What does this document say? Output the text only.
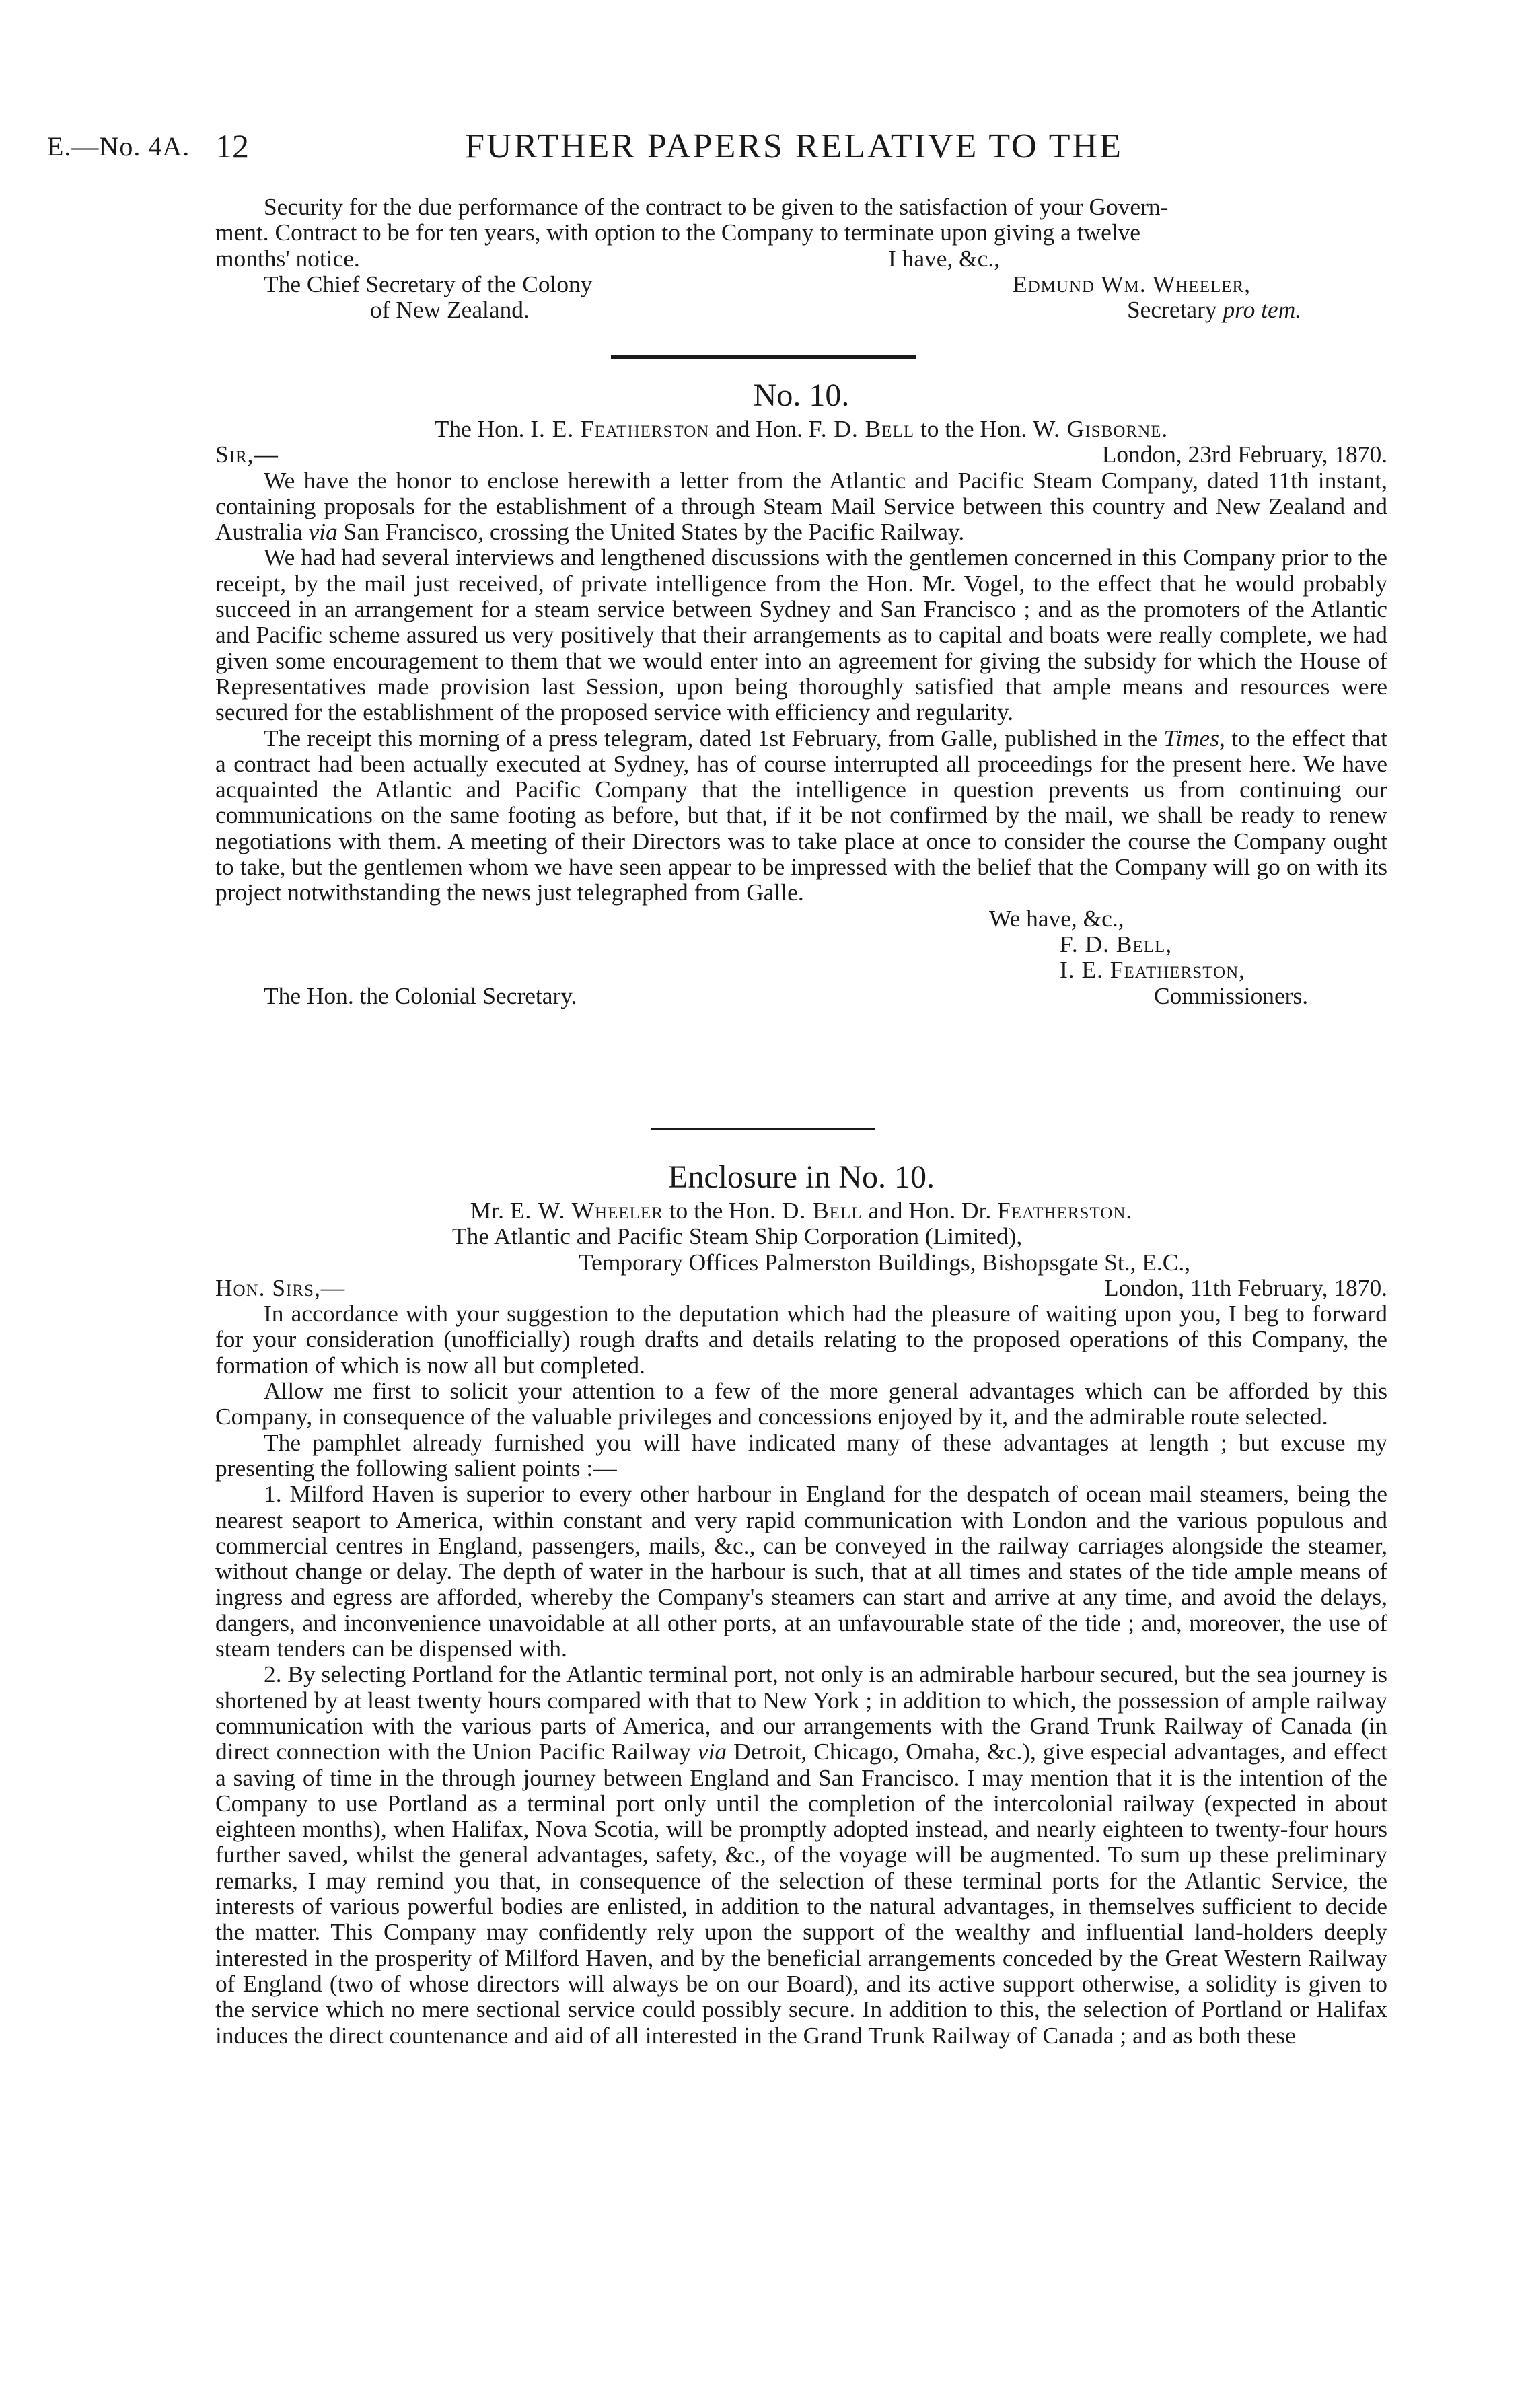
E.—No. 4A. 12	FURTHER PAPERS RELATIVE TO THE
Security for the due performance of the contract to be given to the satisfaction of your Govern-
ment. Contract to be for ten years, with option to the Company to terminate upon giving a twelve
months' notice.	I have, &c.,
The Chief Secretary of the Colony	Edmund Wm. Wheeler,
of New Zealand.	Secretary pro tem.

No. 10.

The Hon. I. E. Featherston and Hon. F. D. Bell to the Hon. W. Gisborne.
Sir,—	London, 23rd February, 1870.

We have the honor to enclose herewith a letter from the Atlantic and Pacific Steam Company, dated 11th instant, containing proposals for the establishment of a through Steam Mail Service between this country and New Zealand and Australia via San Francisco, crossing the United States by the Pacific Railway.

We had had several interviews and lengthened discussions with the gentlemen concerned in this Company prior to the receipt, by the mail just received, of private intelligence from the Hon. Mr. Vogel, to the effect that he would probably succeed in an arrangement for a steam service between Sydney and San Francisco ; and as the promoters of the Atlantic and Pacific scheme assured us very positively that their arrangements as to capital and boats were really complete, we had given some encouragement to them that we would enter into an agreement for giving the subsidy for which the House of Representatives made provision last Session, upon being thoroughly satisfied that ample means and resources were secured for the establishment of the proposed service with efficiency and regularity.

The receipt this morning of a press telegram, dated 1st February, from Galle, published in the Times, to the effect that a contract had been actually executed at Sydney, has of course interrupted all proceedings for the present here. We have acquainted the Atlantic and Pacific Company that the intelligence in question prevents us from continuing our communications on the same footing as before, but that, if it be not confirmed by the mail, we shall be ready to renew negotiations with them. A meeting of their Directors was to take place at once to consider the course the Company ought to take, but the gentlemen whom we have seen appear to be impressed with the belief that the Company will go on with its project notwithstanding the news just telegraphed from Galle.

We have, &c.,
F. D. Bell,
I. E. Featherston,
The Hon. the Colonial Secretary.	Commissioners.

Enclosure in No. 10.

Mr. E. W. Wheeler to the Hon. D. Bell and Hon. Dr. Featherston.
The Atlantic and Pacific Steam Ship Corporation (Limited),
Temporary Offices Palmerston Buildings, Bishopsgate St., E.C.,
Hon. Sirs,—	London, 11th February, 1870.

In accordance with your suggestion to the deputation which had the pleasure of waiting upon you, I beg to forward for your consideration (unofficially) rough drafts and details relating to the proposed operations of this Company, the formation of which is now all but completed.

Allow me first to solicit your attention to a few of the more general advantages which can be afforded by this Company, in consequence of the valuable privileges and concessions enjoyed by it, and the admirable route selected.

The pamphlet already furnished you will have indicated many of these advantages at length ; but excuse my presenting the following salient points :—

1. Milford Haven is superior to every other harbour in England for the despatch of ocean mail steamers, being the nearest seaport to America, within constant and very rapid communication with London and the various populous and commercial centres in England, passengers, mails, &c., can be conveyed in the railway carriages alongside the steamer, without change or delay. The depth of water in the harbour is such, that at all times and states of the tide ample means of ingress and egress are afforded, whereby the Company's steamers can start and arrive at any time, and avoid the delays, dangers, and inconvenience unavoidable at all other ports, at an unfavourable state of the tide ; and, moreover, the use of steam tenders can be dispensed with.

2. By selecting Portland for the Atlantic terminal port, not only is an admirable harbour secured, but the sea journey is shortened by at least twenty hours compared with that to New York ; in addition to which, the possession of ample railway communication with the various parts of America, and our arrangements with the Grand Trunk Railway of Canada (in direct connection with the Union Pacific Railway via Detroit, Chicago, Omaha, &c.), give especial advantages, and effect a saving of time in the through journey between England and San Francisco. I may mention that it is the intention of the Company to use Portland as a terminal port only until the completion of the intercolonial railway (expected in about eighteen months), when Halifax, Nova Scotia, will be promptly adopted instead, and nearly eighteen to twenty-four hours further saved, whilst the general advantages, safety, &c., of the voyage will be augmented. To sum up these preliminary remarks, I may remind you that, in consequence of the selection of these terminal ports for the Atlantic Service, the interests of various powerful bodies are enlisted, in addition to the natural advantages, in themselves sufficient to decide the matter. This Company may confidently rely upon the support of the wealthy and influential land-holders deeply interested in the prosperity of Milford Haven, and by the beneficial arrangements conceded by the Great Western Railway of England (two of whose directors will always be on our Board), and its active support otherwise, a solidity is given to the service which no mere sectional service could possibly secure. In addition to this, the selection of Portland or Halifax induces the direct countenance and aid of all interested in the Grand Trunk Railway of Canada ; and as both these
